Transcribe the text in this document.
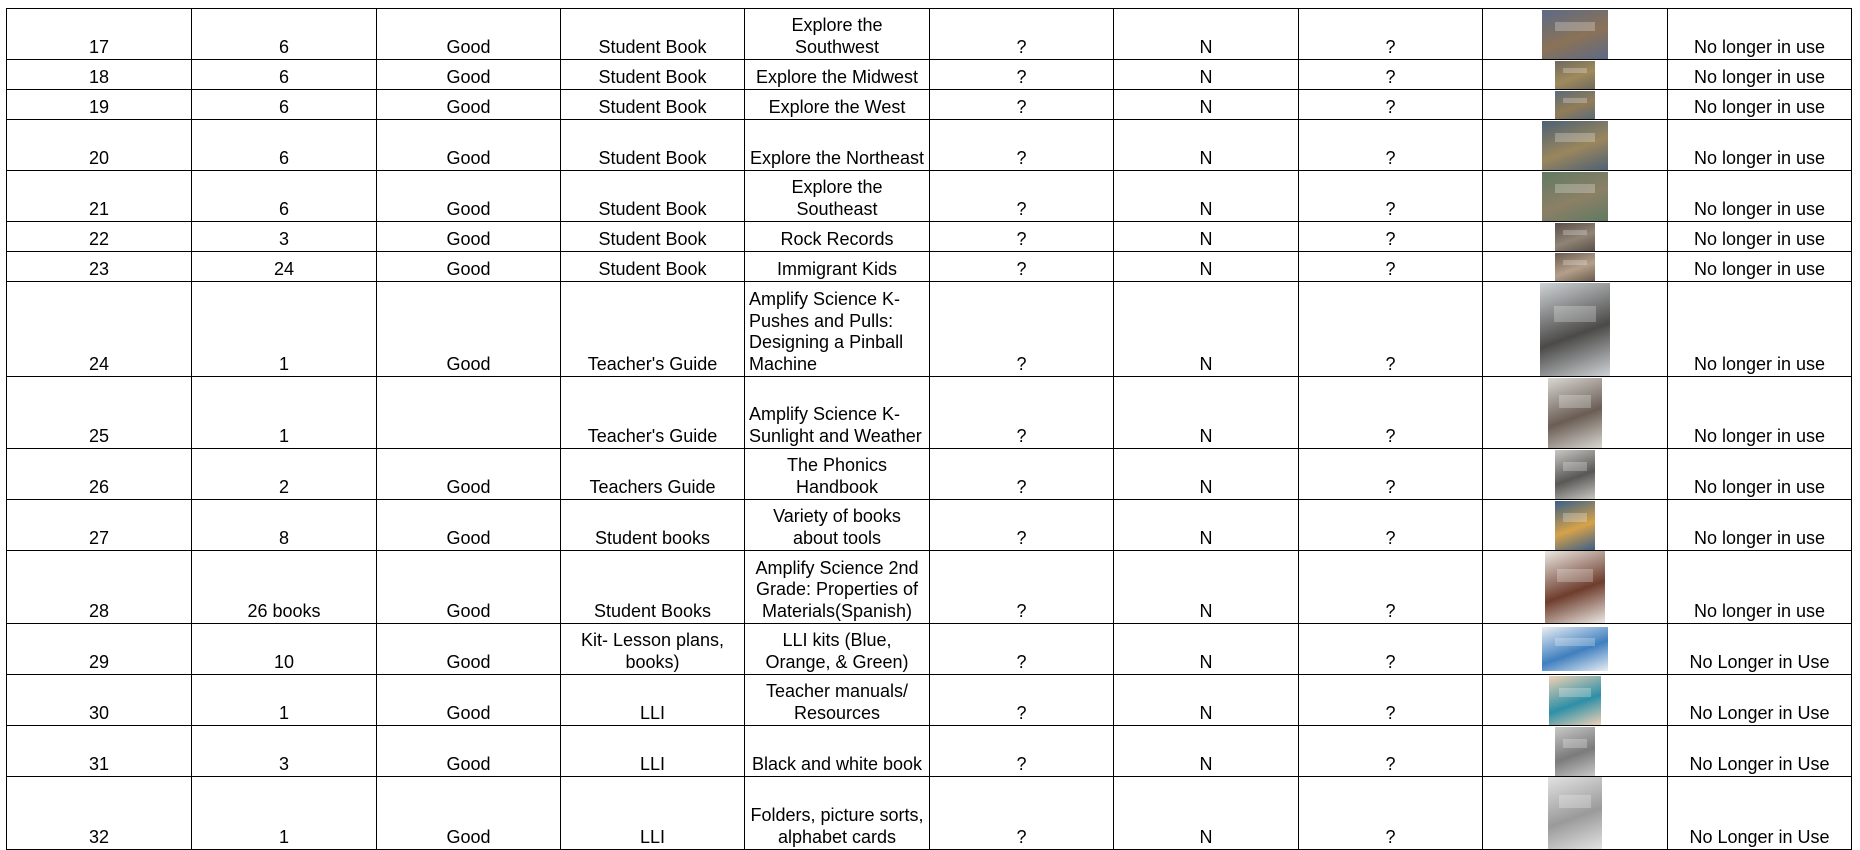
17	6	Good	Student Book	Explore the Southwest	?	N	?		No longer in use
18	6	Good	Student Book	Explore the Midwest	?	N	?		No longer in use
19	6	Good	Student Book	Explore the West	?	N	?		No longer in use
20	6	Good	Student Book	Explore the Northeast	?	N	?		No longer in use
21	6	Good	Student Book	Explore the Southeast	?	N	?		No longer in use
22	3	Good	Student Book	Rock Records	?	N	?		No longer in use
23	24	Good	Student Book	Immigrant Kids	?	N	?		No longer in use
24	1	Good	Teacher's Guide	Amplify Science K- Pushes and Pulls: Designing a Pinball Machine	?	N	?		No longer in use
25	1		Teacher's Guide	Amplify Science K- Sunlight and Weather	?	N	?		No longer in use
26	2	Good	Teachers Guide	The Phonics Handbook	?	N	?		No longer in use
27	8	Good	Student books	Variety of books about tools	?	N	?		No longer in use
28	26 books	Good	Student Books	Amplify Science 2nd Grade: Properties of Materials(Spanish)	?	N	?		No longer in use
29	10	Good	Kit- Lesson plans, books)	LLI kits (Blue, Orange, & Green)	?	N	?		No Longer in Use
30	1	Good	LLI	Teacher manuals/ Resources	?	N	?		No Longer in Use
31	3	Good	LLI	Black and white book	?	N	?		No Longer in Use
32	1	Good	LLI	Folders, picture sorts, alphabet cards	?	N	?		No Longer in Use
